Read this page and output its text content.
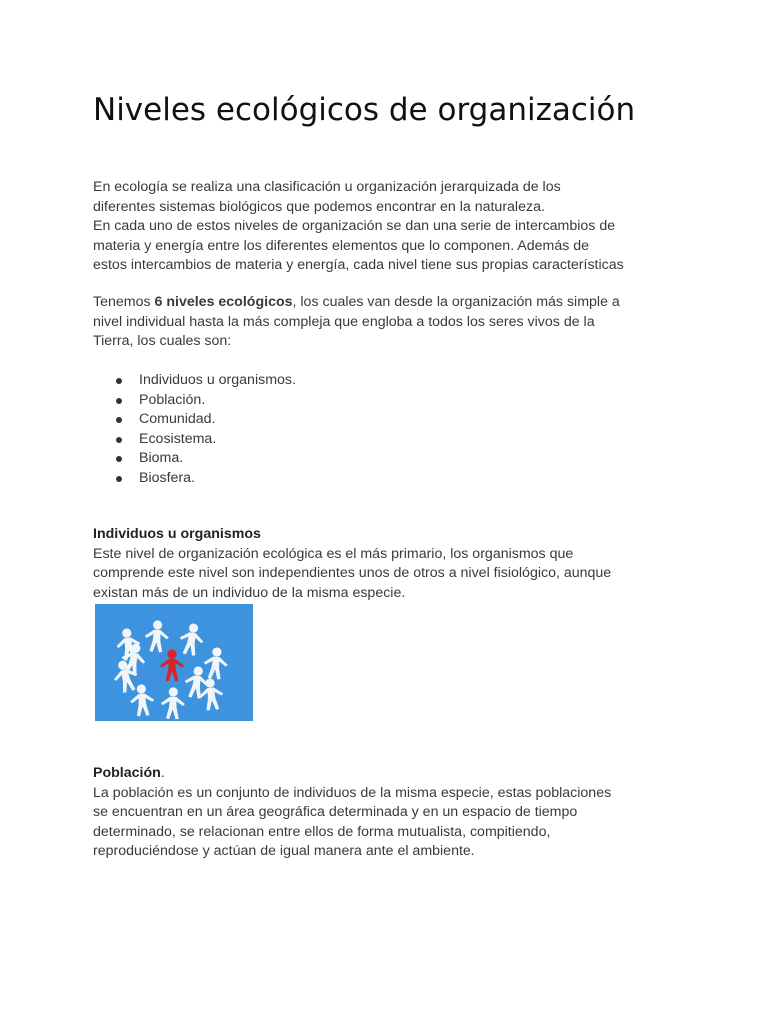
Niveles ecológicos de organización

En ecología se realiza una clasificación u organización jerarquizada de los

diferentes sistemas biológicos que podemos encontrar en la naturaleza.

En cada uno de estos niveles de organización se dan una serie de intercambios de

materia y energía entre los diferentes elementos que lo componen. Además de

estos intercambios de materia y energía, cada nivel tiene sus propias características

Tenemos 6 niveles ecológicos, los cuales van desde la organización más simple a

nivel individual hasta la más compleja que engloba a todos los seres vivos de la

Tierra, los cuales son:

Individuos u organismos.
Población.
Comunidad.
Ecosistema.
Bioma.
Biosfera.

Individuos u organismos

Este nivel de organización ecológica es el más primario, los organismos que

comprende este nivel son independientes unos de otros a nivel fisiológico, aunque

existan más de un individuo de la misma especie.

Población.

La población es un conjunto de individuos de la misma especie, estas poblaciones

se encuentran en un área geográfica determinada y en un espacio de tiempo

determinado, se relacionan entre ellos de forma mutualista, compitiendo,

reproduciéndose y actúan de igual manera ante el ambiente.
